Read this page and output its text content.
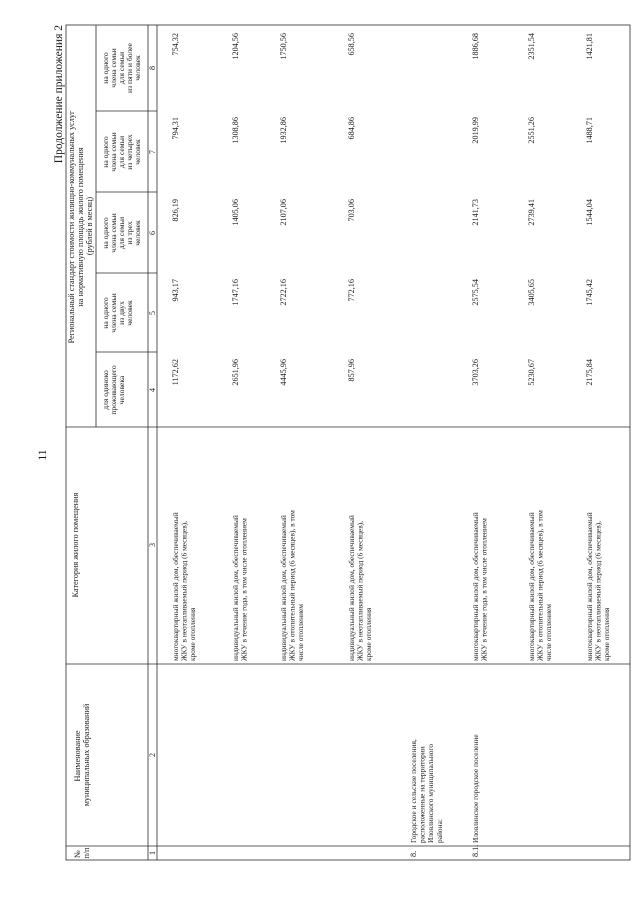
11
Продолжение приложения 2
№ п/п
Наименование муниципальных образований
Категория жилого помещения
Региональный стандарт стоимости жилищно-коммунальных услуг на нормативную площадь жилого помещения (рублей в месяц)
для одинокопроживающегочеловека
на одногочлена семьииз двухчеловек
на одногочлена семьидля семьииз трехчеловек
на одногочлена семьидля семьииз четырехчеловек
на одногочлена семьидля семьииз пяти и болеечеловек
1
2
3
4
5
6
7
8
многоквартирный жилой дом, обеспечиваемыйЖКУ в неотапливаемый период (6 месяцев),кроме отопления
1172,62
943,17
826,19
794,31
754,32
индивидуальный жилой дом, обеспечиваемыйЖКУ в течение года, в том числе отоплением
2651,96
1747,16
1405,06
1308,86
1204,56
индивидуальный жилой дом, обеспечиваемыйЖКУ в отопительный период (6 месяцев), в томчисле отоплением
4445,96
2722,16
2107,06
1932,86
1750,56
индивидуальный жилой дом, обеспечиваемыйЖКУ в неотапливаемый период (6 месяцев),кроме отопления
857,96
772,16
703,06
684,86
658,56
8.
Городское и сельские поселения,расположенные на территорииИловлинского муниципальногорайона:
8.1.
Иловлинское городское поселение
многоквартирный жилой дом, обеспечиваемыйЖКУ в течение года, в том числе отоплением
3703,26
2575,54
2141,73
2019,99
1886,68
многоквартирный жилой дом, обеспечиваемыйЖКУ в отопительный период (6 месяцев), в томчисле отоплением
5230,67
3405,65
2739,41
2551,26
2351,54
многоквартирный жилой дом, обеспечиваемыйЖКУ в неотапливаемый период (6 месяцев),кроме отопления
2175,84
1745,42
1544,04
1488,71
1421,81
